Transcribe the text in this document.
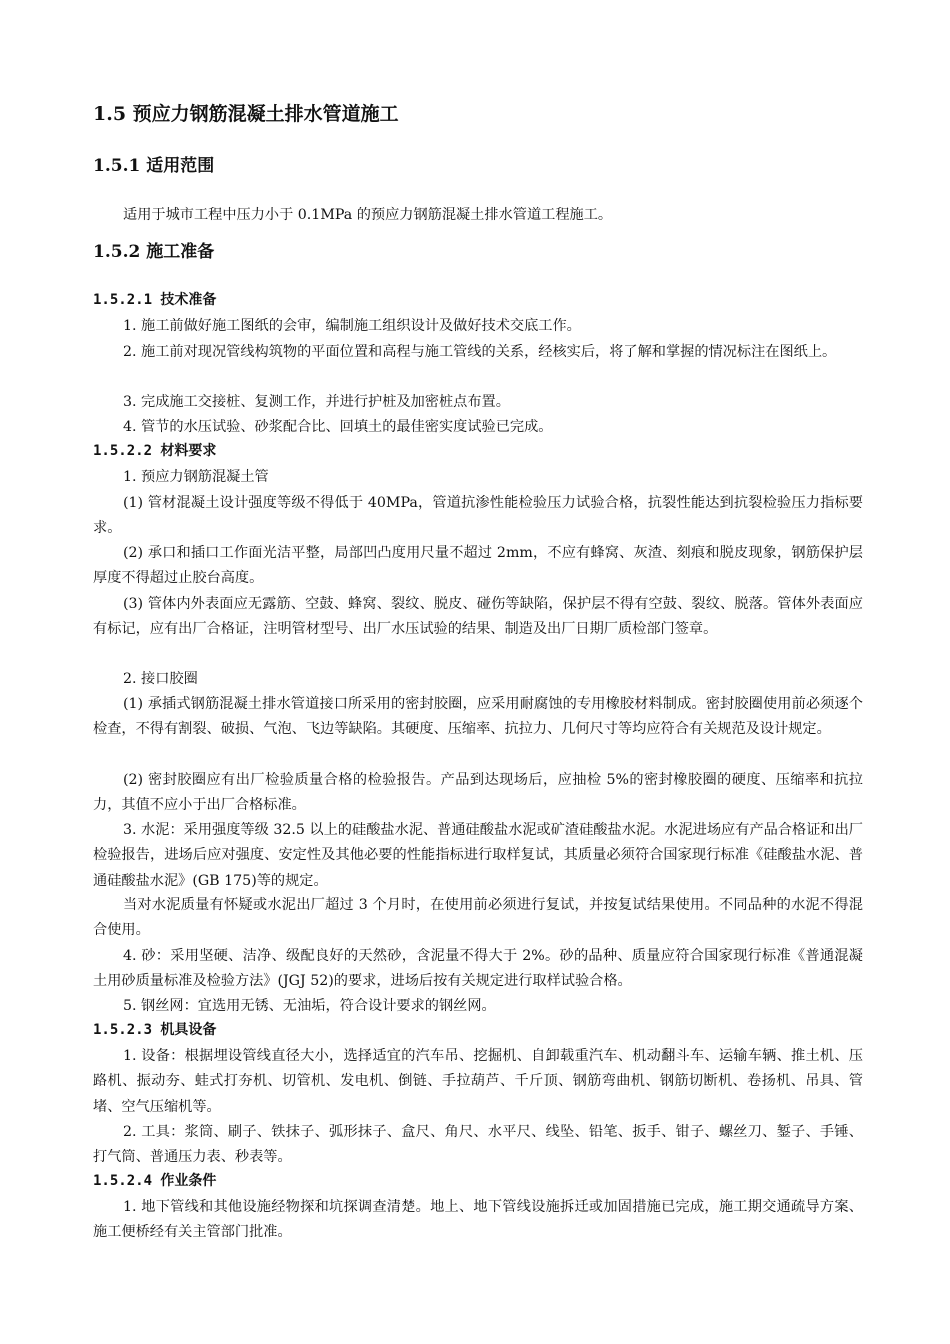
1.5 预应力钢筋混凝土排水管道施工
1.5.1 适用范围
适用于城市工程中压力小于 0.1MPa 的预应力钢筋混凝土排水管道工程施工。
1.5.2 施工准备
1.5.2.1 技术准备
1. 施工前做好施工图纸的会审，编制施工组织设计及做好技术交底工作。
2. 施工前对现况管线构筑物的平面位置和高程与施工管线的关系，经核实后，将了解和掌握的情况标注在图纸上。
3. 完成施工交接桩、复测工作，并进行护桩及加密桩点布置。
4. 管节的水压试验、砂浆配合比、回填土的最佳密实度试验已完成。
1.5.2.2 材料要求
1. 预应力钢筋混凝土管
(1) 管材混凝土设计强度等级不得低于 40MPa，管道抗渗性能检验压力试验合格，抗裂性能达到抗裂检验压力指标要求。
(2) 承口和插口工作面光洁平整，局部凹凸度用尺量不超过 2mm，不应有蜂窝、灰渣、刻痕和脱皮现象，钢筋保护层厚度不得超过止胶台高度。
(3) 管体内外表面应无露筋、空鼓、蜂窝、裂纹、脱皮、碰伤等缺陷，保护层不得有空鼓、裂纹、脱落。管体外表面应有标记，应有出厂合格证，注明管材型号、出厂水压试验的结果、制造及出厂日期厂质检部门签章。
2. 接口胶圈
(1) 承插式钢筋混凝土排水管道接口所采用的密封胶圈，应采用耐腐蚀的专用橡胶材料制成。密封胶圈使用前必须逐个检查，不得有割裂、破损、气泡、飞边等缺陷。其硬度、压缩率、抗拉力、几何尺寸等均应符合有关规范及设计规定。
(2) 密封胶圈应有出厂检验质量合格的检验报告。产品到达现场后，应抽检 5%的密封橡胶圈的硬度、压缩率和抗拉力，其值不应小于出厂合格标准。
3. 水泥：采用强度等级 32.5 以上的硅酸盐水泥、普通硅酸盐水泥或矿渣硅酸盐水泥。水泥进场应有产品合格证和出厂检验报告，进场后应对强度、安定性及其他必要的性能指标进行取样复试，其质量必须符合国家现行标准《硅酸盐水泥、普通硅酸盐水泥》(GB 175)等的规定。
当对水泥质量有怀疑或水泥出厂超过 3 个月时，在使用前必须进行复试，并按复试结果使用。不同品种的水泥不得混合使用。
4. 砂：采用坚硬、洁净、级配良好的天然砂，含泥量不得大于 2%。砂的品种、质量应符合国家现行标准《普通混凝土用砂质量标准及检验方法》(JGJ 52)的要求，进场后按有关规定进行取样试验合格。
5. 钢丝网：宜选用无锈、无油垢，符合设计要求的钢丝网。
1.5.2.3 机具设备
1. 设备：根据埋设管线直径大小，选择适宜的汽车吊、挖掘机、自卸载重汽车、机动翻斗车、运输车辆、推土机、压路机、振动夯、蛙式打夯机、切管机、发电机、倒链、手拉葫芦、千斤顶、钢筋弯曲机、钢筋切断机、卷扬机、吊具、管堵、空气压缩机等。
2. 工具：浆筒、刷子、铁抹子、弧形抹子、盒尺、角尺、水平尺、线坠、铅笔、扳手、钳子、螺丝刀、錾子、手锤、打气筒、普通压力表、秒表等。
1.5.2.4 作业条件
1. 地下管线和其他设施经物探和坑探调查清楚。地上、地下管线设施拆迁或加固措施已完成，施工期交通疏导方案、施工便桥经有关主管部门批准。
